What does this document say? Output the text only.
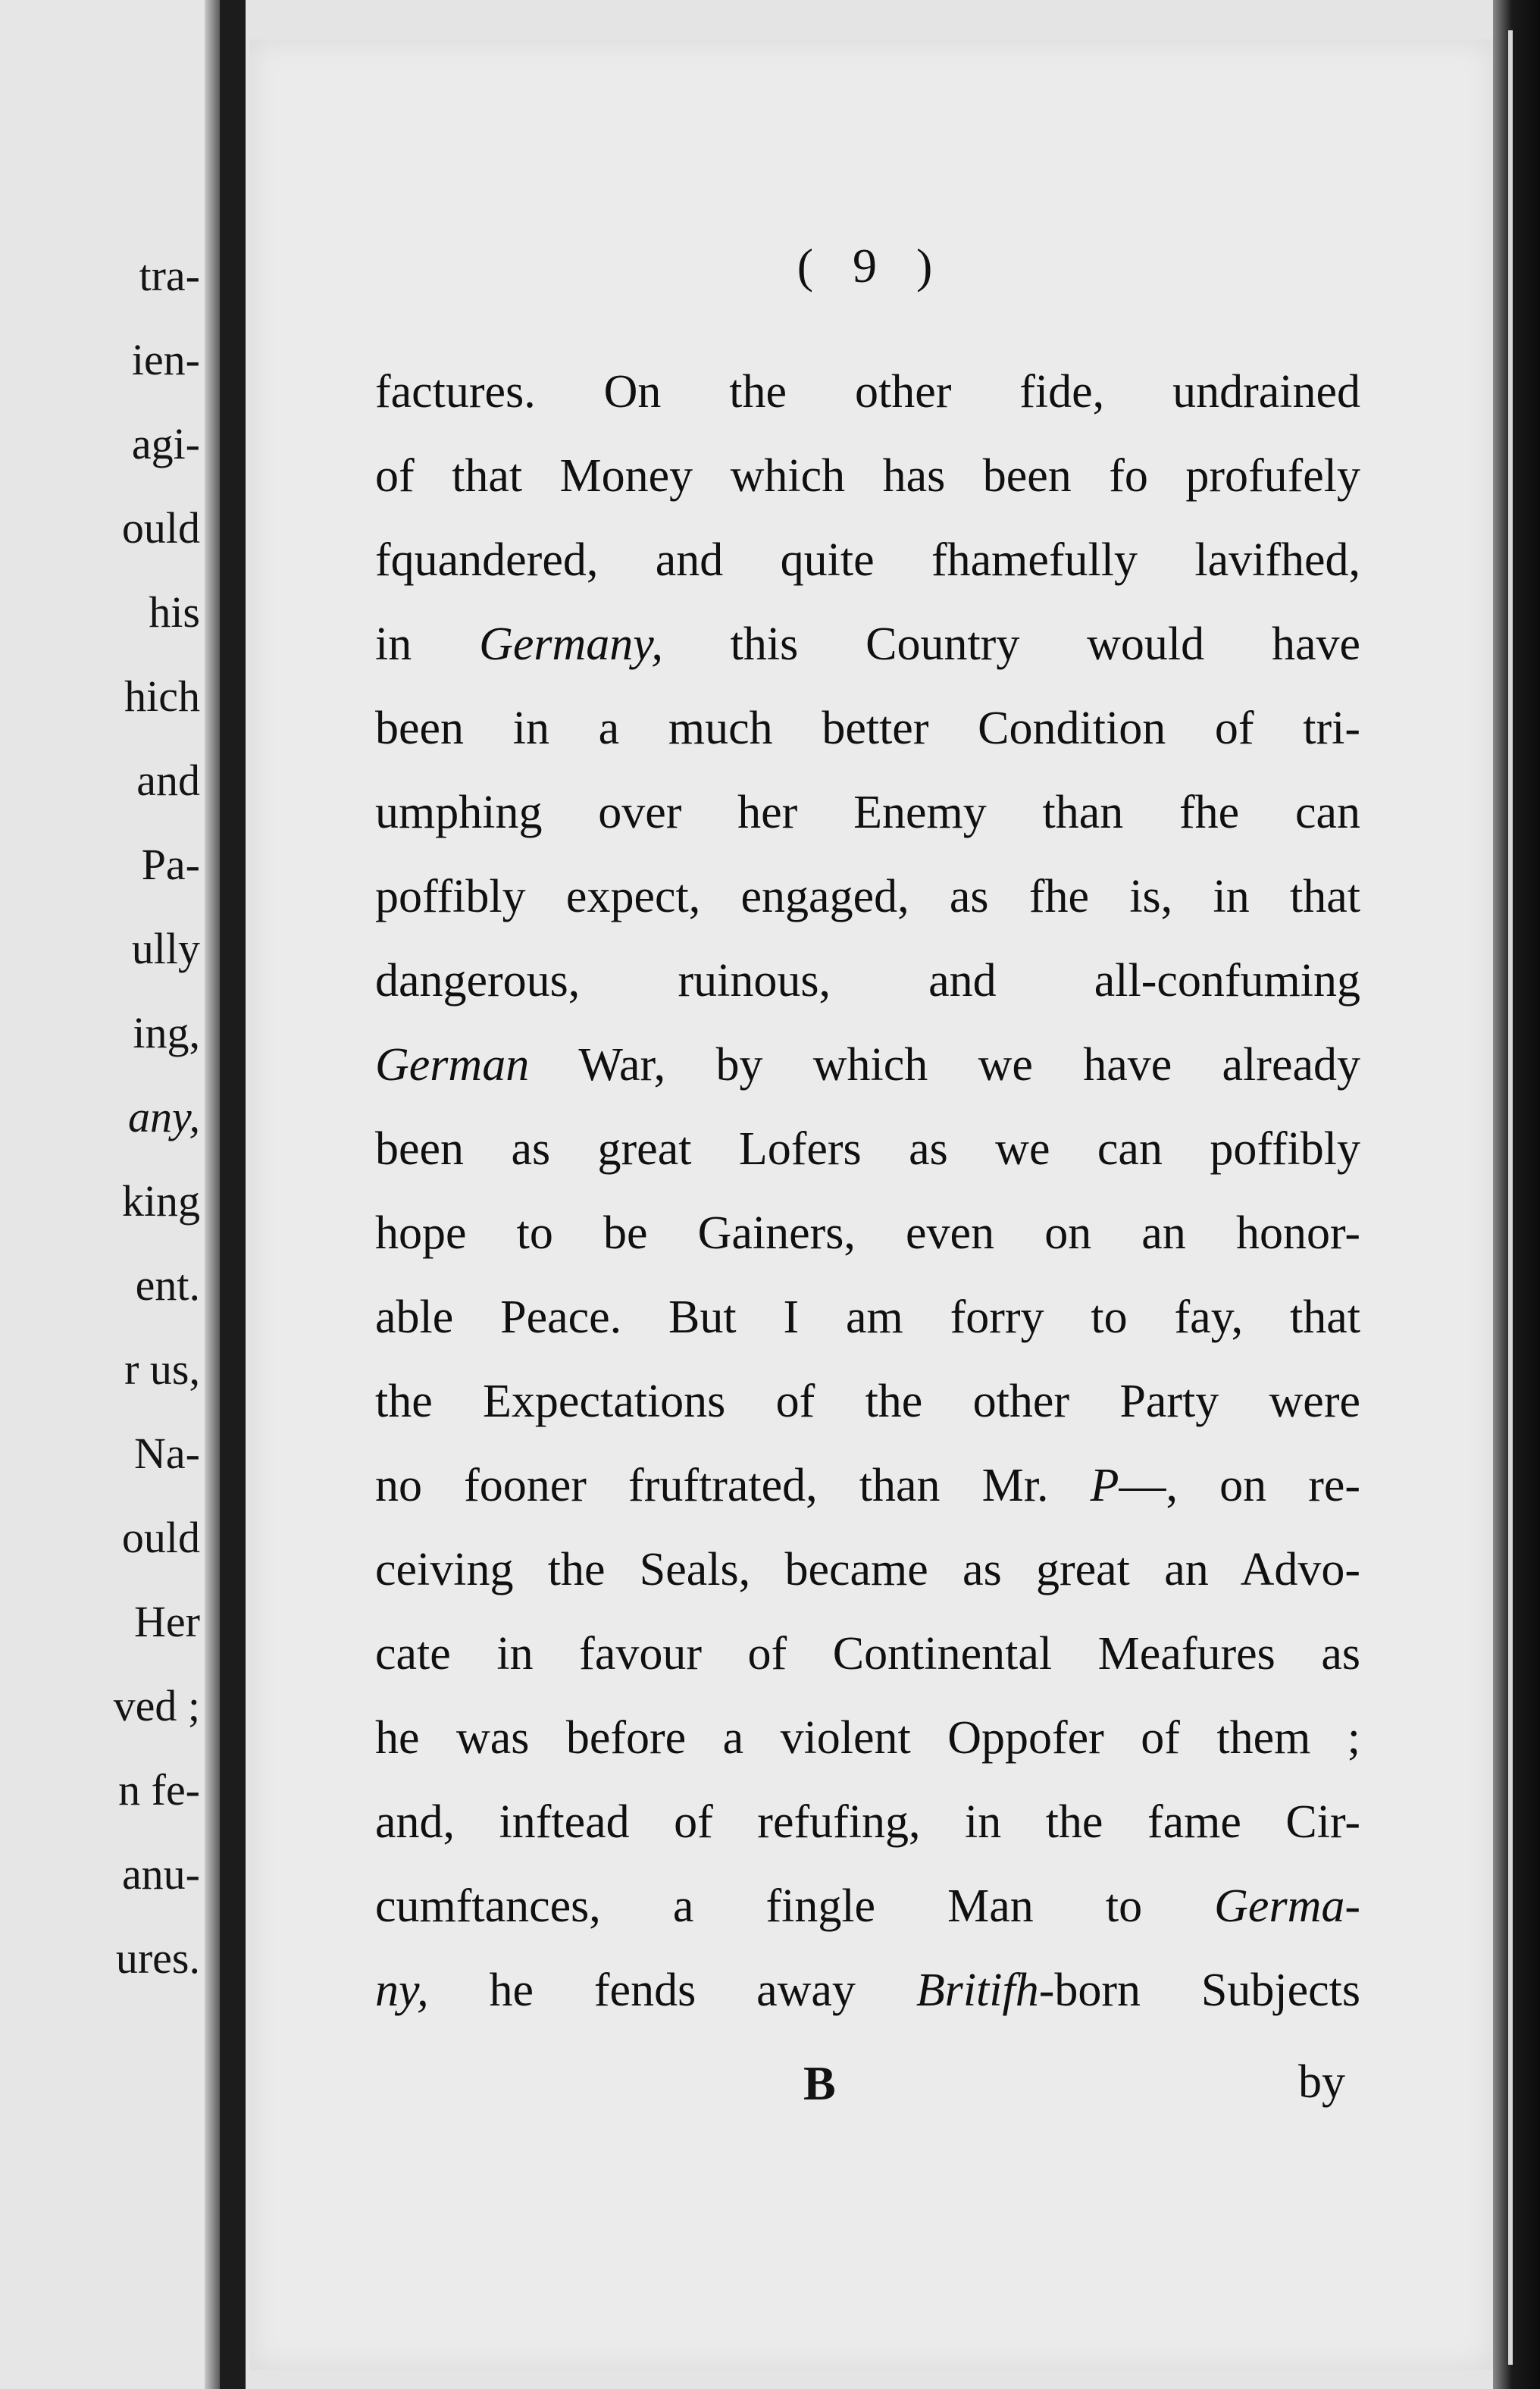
tra-
ien-
agi-
ould
his
hich
and
Pa-
ully
ing,
any,
king
ent.
r us,
Na-
ould
Her
ved ;
n fe-
anu-
ures.
( 9 )
factures. On the other fide, undrained
of that Money which has been fo profufely
fquandered, and quite fhamefully lavifhed,
in Germany, this Country would have
been in a much better Condition of tri-
umphing over her Enemy than fhe can
poffibly expect, engaged, as fhe is, in that
dangerous, ruinous, and all-confuming
German War, by which we have already
been as great Lofers as we can poffibly
hope to be Gainers, even on an honor-
able Peace. But I am forry to fay, that
the Expectations of the other Party were
no fooner fruftrated, than Mr. P—, on re-
ceiving the Seals, became as great an Advo-
cate in favour of Continental Meafures as
he was before a violent Oppofer of them ;
and, inftead of refufing, in the fame Cir-
cumftances, a fingle Man to Germa-
ny, he fends away Britifh-born Subjects
B	by
